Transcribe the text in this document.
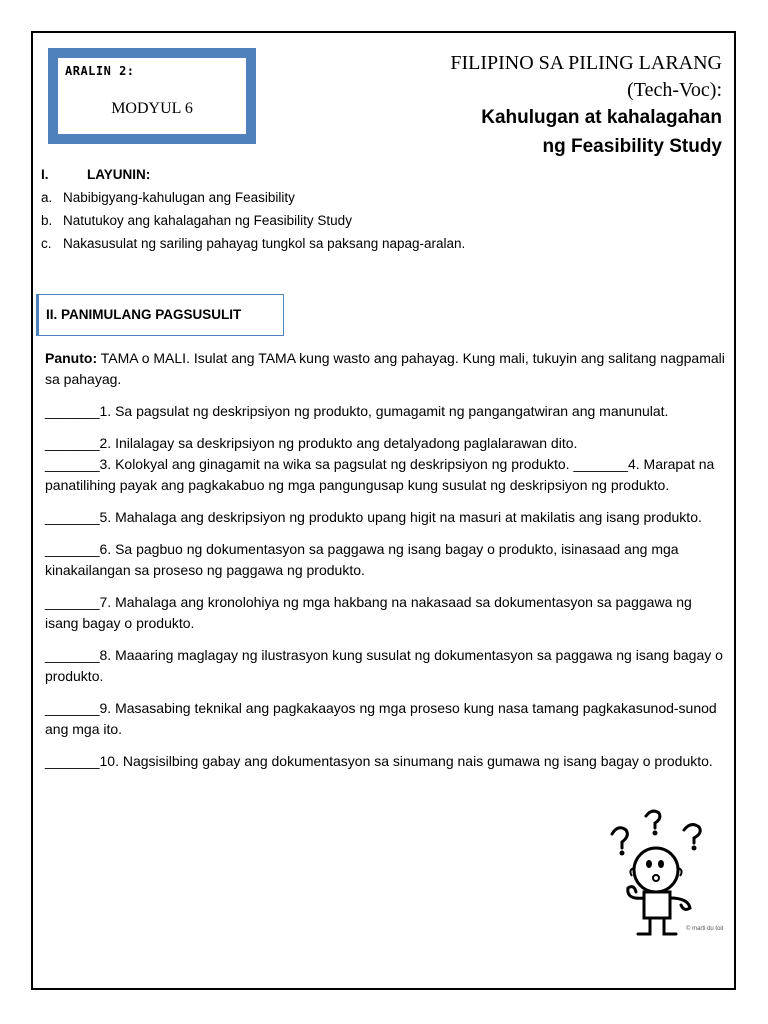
ARALIN 2:
MODYUL 6
FILIPINO SA PILING LARANG
(Tech-Voc):
Kahulugan at kahalagahan
ng Feasibility Study
I.	LAYUNIN:
a. Nabibigyang-kahulugan ang Feasibility
b. Natutukoy ang kahalagahan ng Feasibility Study
c. Nakasusulat ng sariling pahayag tungkol sa paksang napag-aralan.
II. PANIMULANG PAGSUSULIT

Panuto: TAMA o MALI. Isulat ang TAMA kung wasto ang pahayag. Kung mali, tukuyin ang salitang nagpamali sa pahayag.

_______1. Sa pagsulat ng deskripsiyon ng produkto, gumagamit ng pangangatwiran ang manunulat.

_______2. Inilalagay sa deskripsiyon ng produkto ang detalyadong paglalarawan dito.

_______3. Kolokyal ang ginagamit na wika sa pagsulat ng deskripsiyon ng produkto. _______4. Marapat na panatilihing payak ang pagkakabuo ng mga pangungusap kung susulat ng deskripsiyon ng produkto.

_______5. Mahalaga ang deskripsiyon ng produkto upang higit na masuri at makilatis ang isang produkto.

_______6. Sa pagbuo ng dokumentasyon sa paggawa ng isang bagay o produkto, isinasaad ang mga kinakailangan sa proseso ng paggawa ng produkto.

_______7. Mahalaga ang kronolohiya ng mga hakbang na nakasaad sa dokumentasyon sa paggawa ng isang bagay o produkto.

_______8. Maaaring maglagay ng ilustrasyon kung susulat ng dokumentasyon sa paggawa ng isang bagay o produkto.

_______9. Masasabing teknikal ang pagkakaayos ng mga proseso kung nasa tamang pagkakasunod-sunod ang mga ito.

_______10. Nagsisilbing gabay ang dokumentasyon sa sinumang nais gumawa ng isang bagay o produkto.

© marti du toit
